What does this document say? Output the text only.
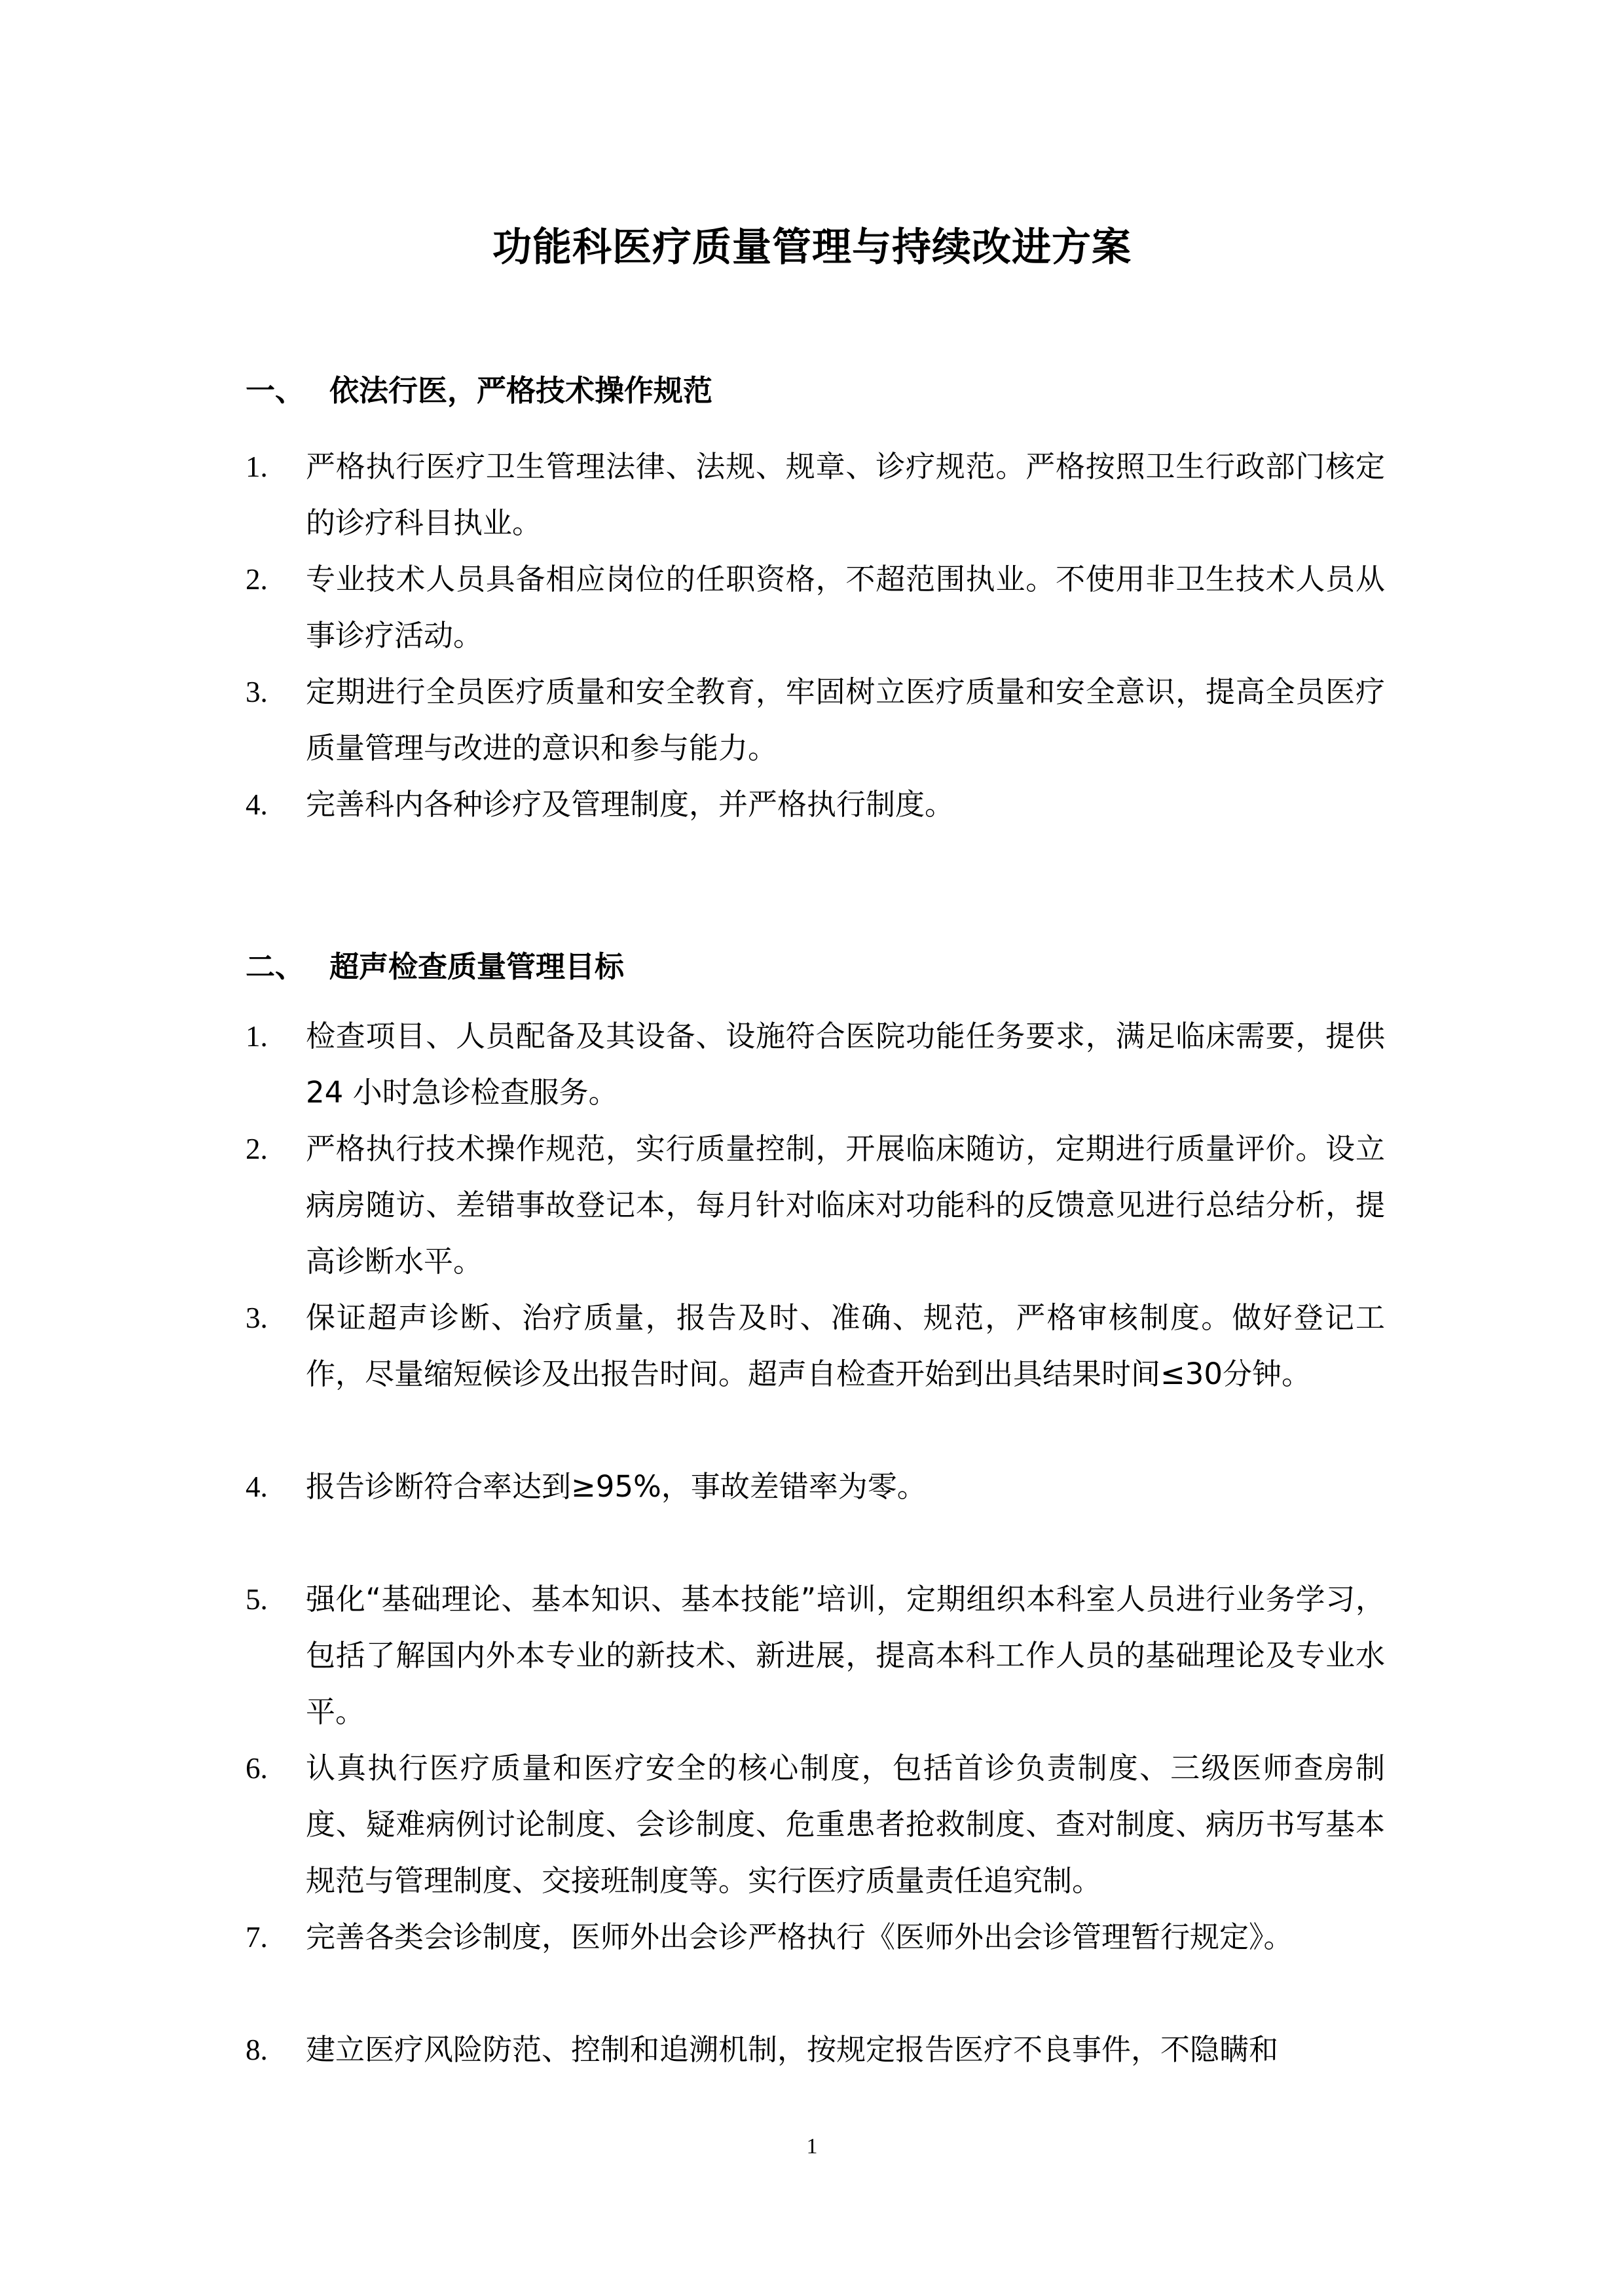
功能科医疗质量管理与持续改进方案
一、 依法行医，严格技术操作规范
1. 严格执行医疗卫生管理法律、法规、规章、诊疗规范。严格按照卫生行政部门核定的诊疗科目执业。
2. 专业技术人员具备相应岗位的任职资格，不超范围执业。不使用非卫生技术人员从事诊疗活动。
3. 定期进行全员医疗质量和安全教育，牢固树立医疗质量和安全意识，提高全员医疗质量管理与改进的意识和参与能力。
4. 完善科内各种诊疗及管理制度，并严格执行制度。
二、 超声检查质量管理目标
1. 检查项目、人员配备及其设备、设施符合医院功能任务要求，满足临床需要，提供 24 小时急诊检查服务。
2. 严格执行技术操作规范，实行质量控制，开展临床随访，定期进行质量评价。设立病房随访、差错事故登记本，每月针对临床对功能科的反馈意见进行总结分析，提高诊断水平。
3. 保证超声诊断、治疗质量，报告及时、准确、规范，严格审核制度。做好登记工作，尽量缩短候诊及出报告时间。超声自检查开始到出具结果时间≤30分钟。
4. 报告诊断符合率达到≥95%，事故差错率为零。
5. 强化“基础理论、基本知识、基本技能”培训，定期组织本科室人员进行业务学习，包括了解国内外本专业的新技术、新进展，提高本科工作人员的基础理论及专业水平。
6. 认真执行医疗质量和医疗安全的核心制度，包括首诊负责制度、三级医师查房制度、疑难病例讨论制度、会诊制度、危重患者抢救制度、查对制度、病历书写基本规范与管理制度、交接班制度等。实行医疗质量责任追究制。
7. 完善各类会诊制度，医师外出会诊严格执行《医师外出会诊管理暂行规定》。
8. 建立医疗风险防范、控制和追溯机制，按规定报告医疗不良事件，不隐瞒和
1
